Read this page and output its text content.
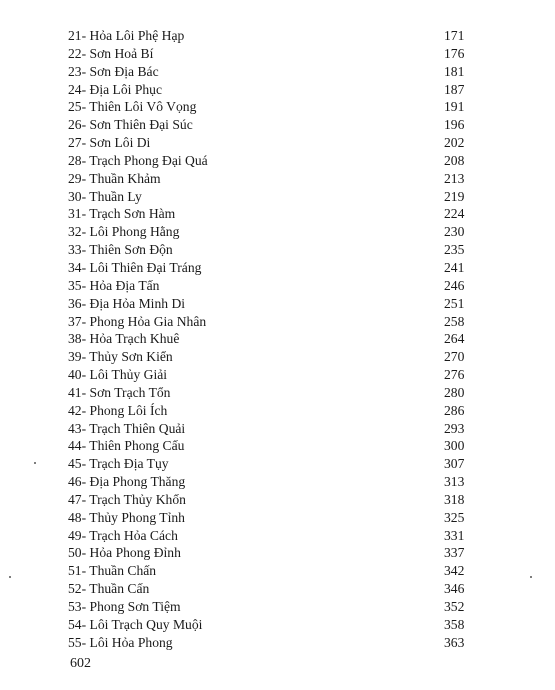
21- Hỏa Lôi Phệ Hạp	171
22- Sơn Hoả Bí	176
23- Sơn Địa Bác	181
24- Địa Lôi Phục	187
25- Thiên Lôi Vô Vọng	191
26- Sơn Thiên Đại Súc	196
27- Sơn Lôi Di	202
28- Trạch Phong Đại Quá	208
29- Thuần Khảm	213
30- Thuần Ly	219
31- Trạch Sơn Hàm	224
32- Lôi Phong Hằng	230
33- Thiên Sơn Độn	235
34- Lôi Thiên Đại Tráng	241
35- Hỏa Địa Tấn	246
36- Địa Hỏa Minh Di	251
37- Phong Hỏa Gia Nhân	258
38- Hỏa Trạch Khuê	264
39- Thủy Sơn Kiển	270
40- Lôi Thủy Giải	276
41- Sơn Trạch Tổn	280
42- Phong Lôi Ích	286
43- Trạch Thiên Quải	293
44- Thiên Phong Cấu	300
45- Trạch Địa Tụy	307
46- Địa Phong Thăng	313
47- Trạch Thủy Khốn	318
48- Thủy Phong Tỉnh	325
49- Trạch Hỏa Cách	331
50- Hỏa Phong Đỉnh	337
51- Thuần Chấn	342
52- Thuần Cấn	346
53- Phong Sơn Tiệm	352
54- Lôi Trạch Quy Muội	358
55- Lôi Hỏa Phong	363
602
